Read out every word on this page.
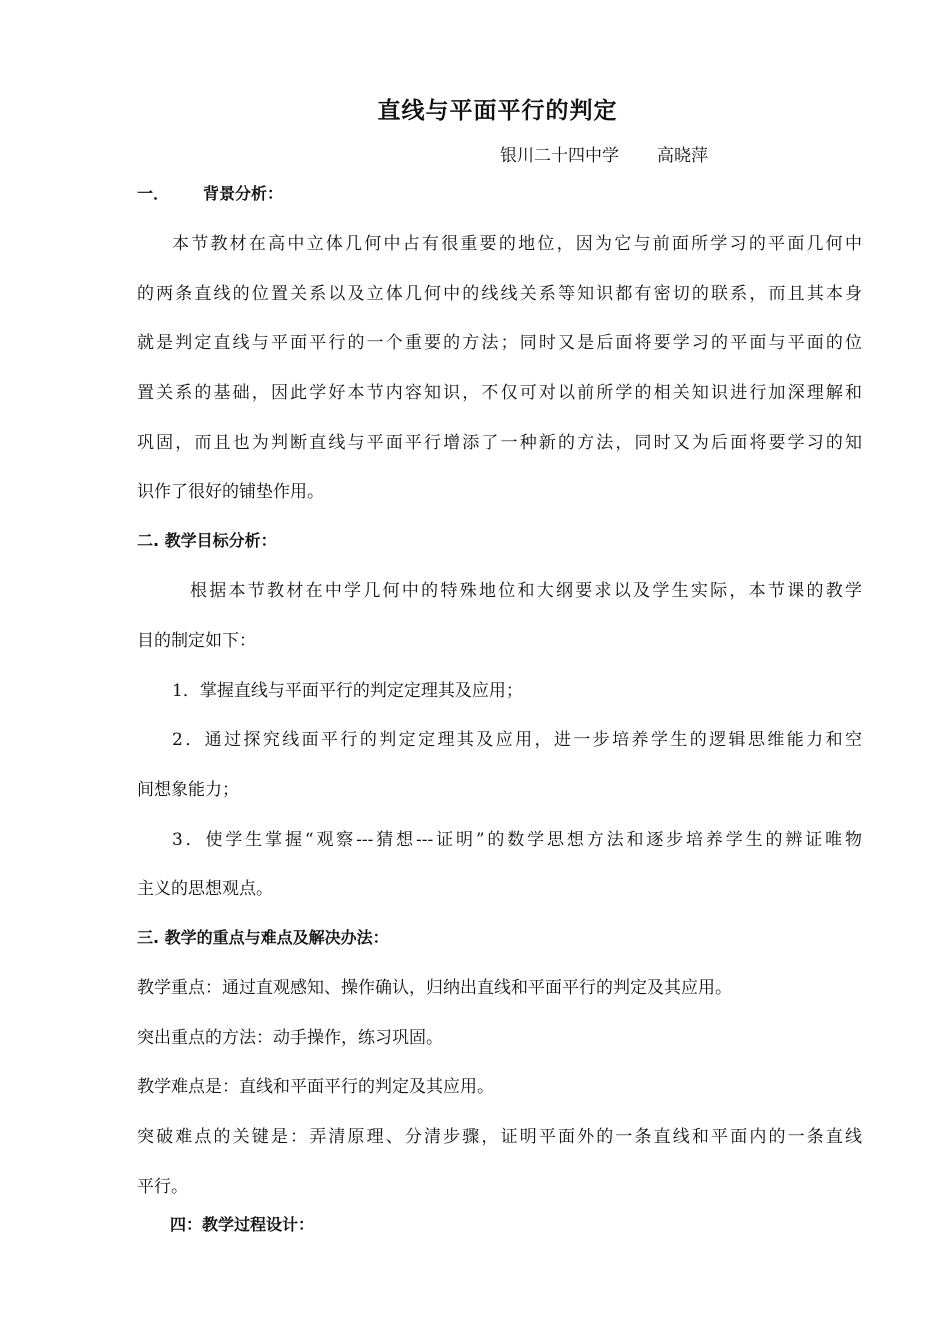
直线与平面平行的判定
银川二十四中学 高晓萍
一． 背景分析：
本节教材在高中立体几何中占有很重要的地位，因为它与前面所学习的平面几何中
的两条直线的位置关系以及立体几何中的线线关系等知识都有密切的联系，而且其本身
就是判定直线与平面平行的一个重要的方法；同时又是后面将要学习的平面与平面的位
置关系的基础，因此学好本节内容知识，不仅可对以前所学的相关知识进行加深理解和
巩固，而且也为判断直线与平面平行增添了一种新的方法，同时又为后面将要学习的知
识作了很好的铺垫作用。
二. 教学目标分析：
根据本节教材在中学几何中的特殊地位和大纲要求以及学生实际，本节课的教学
目的制定如下：
1．掌握直线与平面平行的判定定理其及应用；
2．通过探究线面平行的判定定理其及应用，进一步培养学生的逻辑思维能力和空
间想象能力；
3．使学生掌握“观察---猜想---证明”的数学思想方法和逐步培养学生的辨证唯物
主义的思想观点。
三. 教学的重点与难点及解决办法：
教学重点：通过直观感知、操作确认，归纳出直线和平面平行的判定及其应用。
突出重点的方法：动手操作，练习巩固。
教学难点是：直线和平面平行的判定及其应用。
突破难点的关键是：弄清原理、分清步骤，证明平面外的一条直线和平面内的一条直线
平行。
四：教学过程设计：
